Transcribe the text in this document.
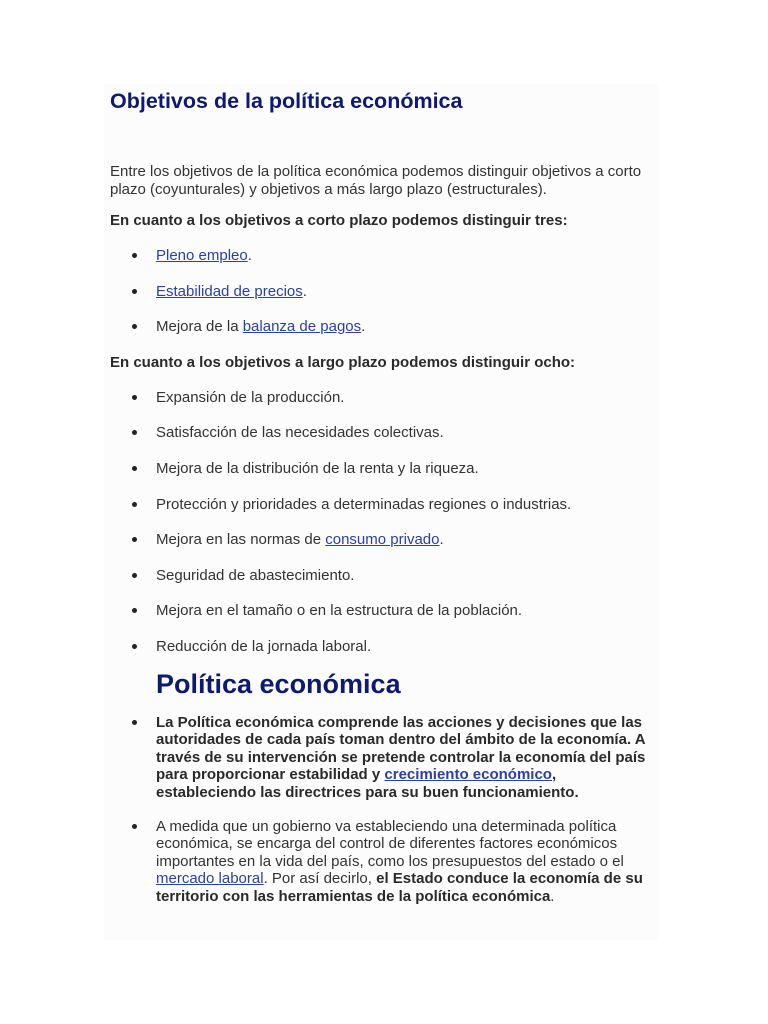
Objetivos de la política económica

Entre los objetivos de la política económica podemos distinguir objetivos a corto plazo (coyunturales) y objetivos a más largo plazo (estructurales).

En cuanto a los objetivos a corto plazo podemos distinguir tres:

Pleno empleo.
Estabilidad de precios.
Mejora de la balanza de pagos.

En cuanto a los objetivos a largo plazo podemos distinguir ocho:

Expansión de la producción.
Satisfacción de las necesidades colectivas.
Mejora de la distribución de la renta y la riqueza.
Protección y prioridades a determinadas regiones o industrias.
Mejora en las normas de consumo privado.
Seguridad de abastecimiento.
Mejora en el tamaño o en la estructura de la población.
Reducción de la jornada laboral.
Política económica
La Política económica comprende las acciones y decisiones que las autoridades de cada país toman dentro del ámbito de la economía. A través de su intervención se pretende controlar la economía del país para proporcionar estabilidad y crecimiento económico, estableciendo las directrices para su buen funcionamiento.
A medida que un gobierno va estableciendo una determinada política económica, se encarga del control de diferentes factores económicos importantes en la vida del país, como los presupuestos del estado o el mercado laboral. Por así decirlo, el Estado conduce la economía de su territorio con las herramientas de la política económica.
